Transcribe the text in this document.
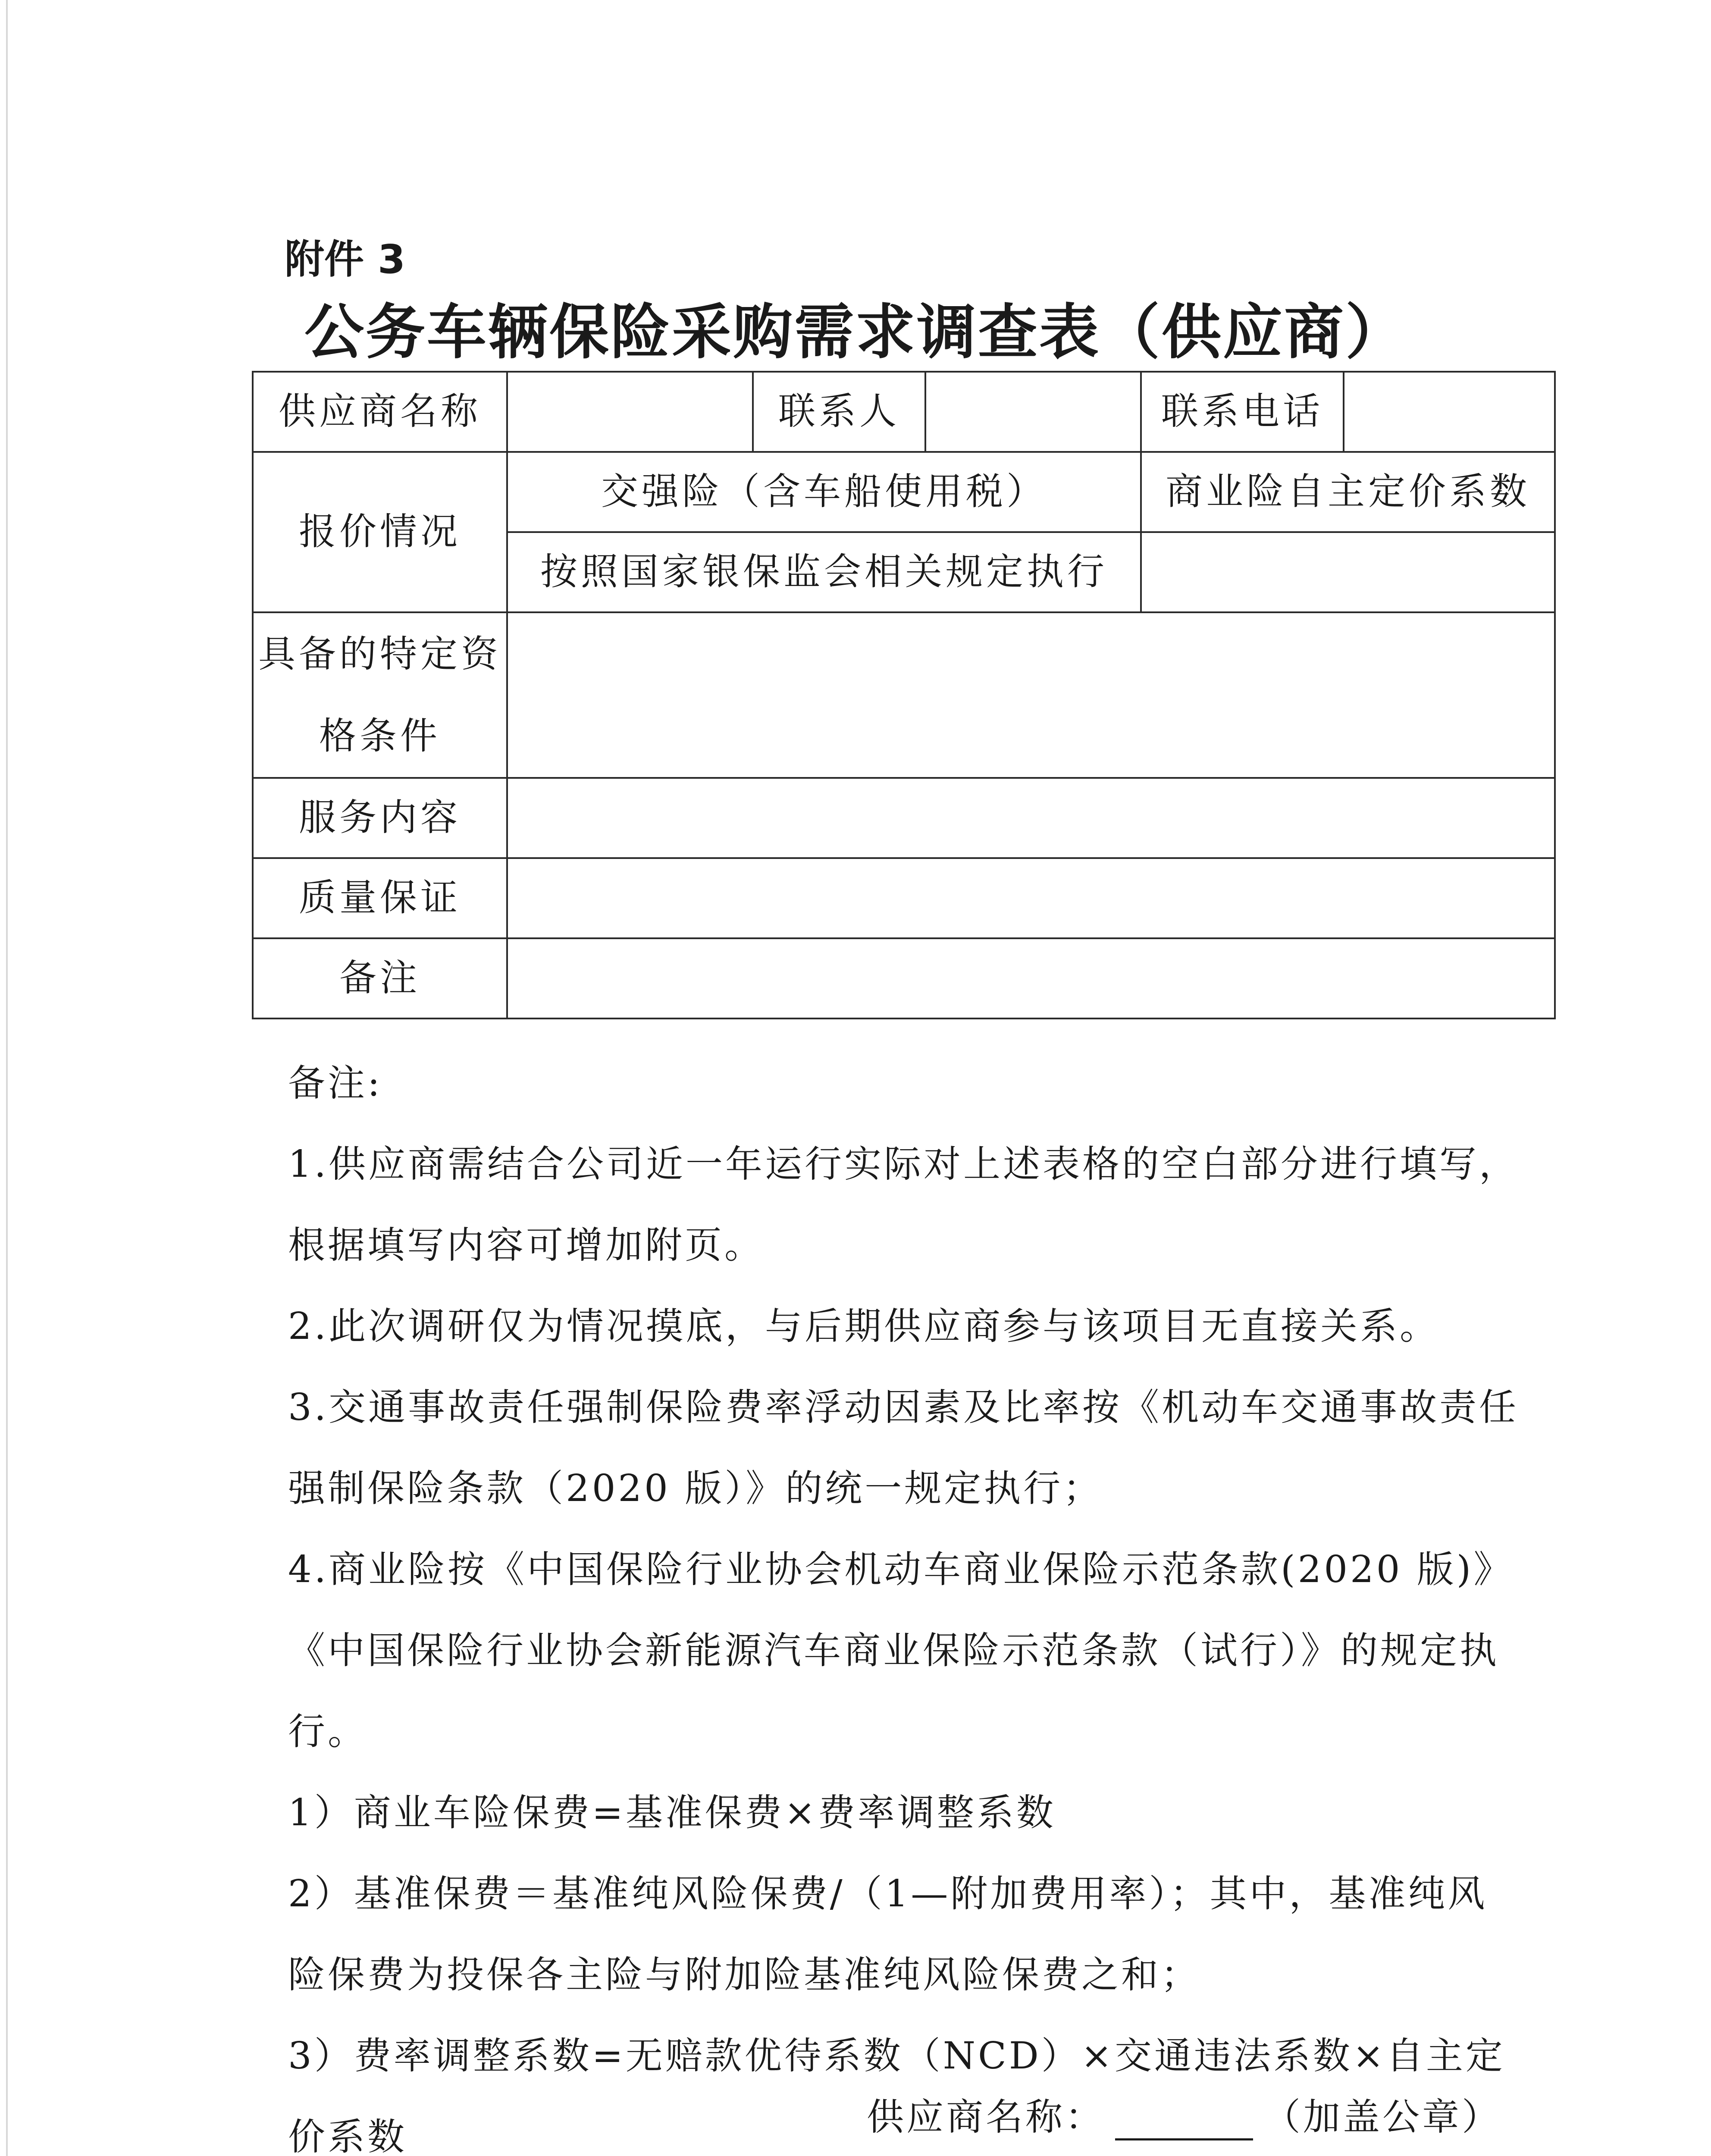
附件 3
公务车辆保险采购需求调查表（供应商）
供应商名称		联系人		联系电话	
报价情况	交强险（含车船使用税）			商业险自主定价系数	
	按照国家银保监会相关规定执行				
具备的特定资格条件					
服务内容					
质量保证					
备注					

备注:

1.供应商需结合公司近一年运行实际对上述表格的空白部分进行填写，根据填写内容可增加附页。

2.此次调研仅为情况摸底，与后期供应商参与该项目无直接关系。

3.交通事故责任强制保险费率浮动因素及比率按《机动车交通事故责任强制保险条款（2020 版）》的统一规定执行；

4.商业险按《中国保险行业协会机动车商业保险示范条款(2020 版)》《中国保险行业协会新能源汽车商业保险示范条款（试行）》的规定执行。

1）商业车险保费=基准保费×费率调整系数

2）基准保费＝基准纯风险保费/（1—附加费用率）；其中，基准纯风险保费为投保各主险与附加险基准纯风险保费之和；

3）费率调整系数=无赔款优待系数（NCD）×交通违法系数×自主定价系数	供应商名称：	（加盖公章）
